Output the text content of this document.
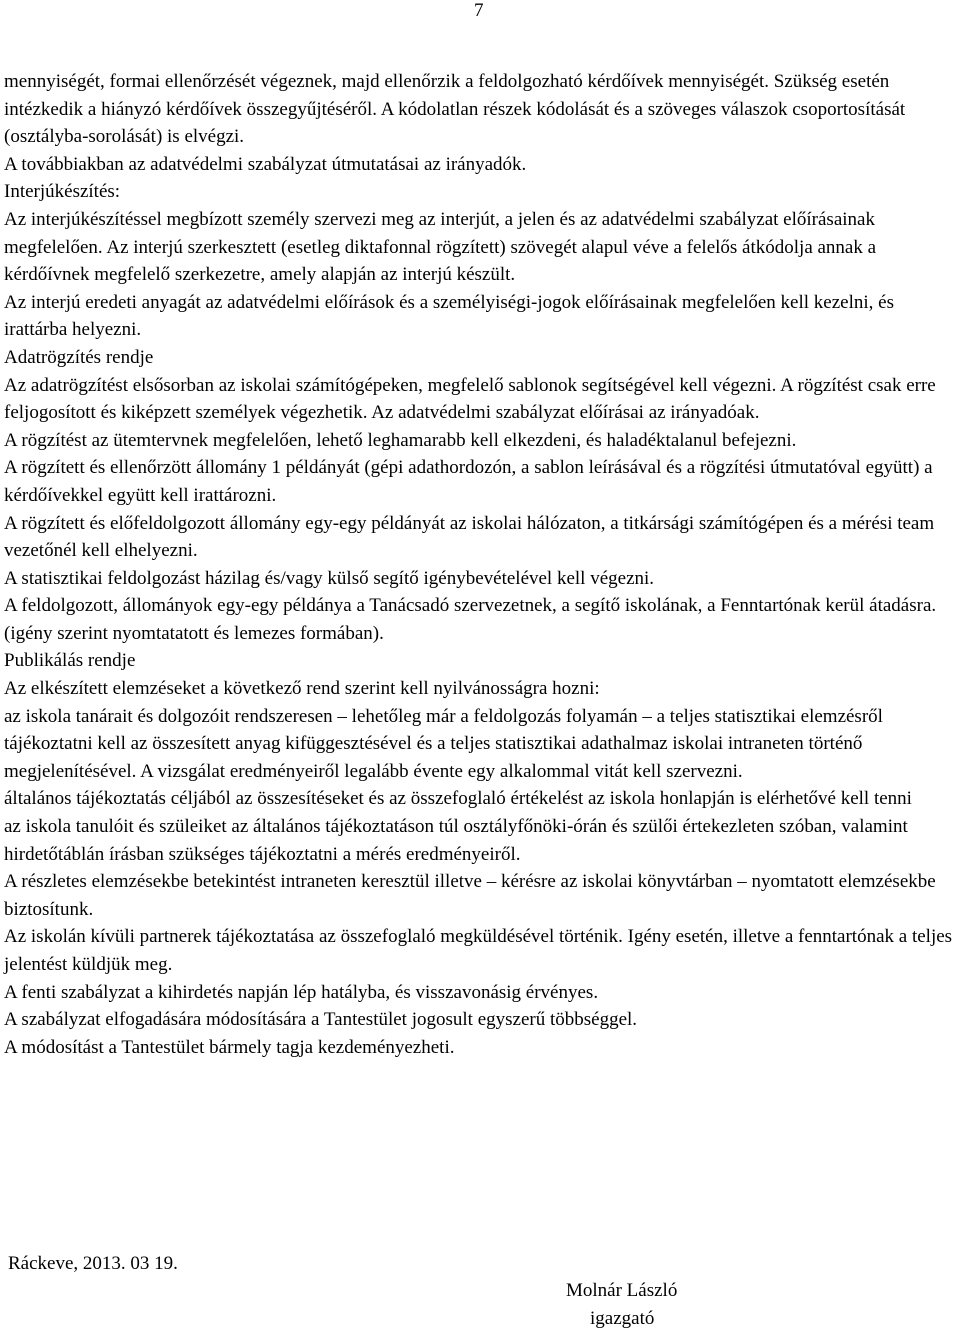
7

mennyiségét, formai ellenőrzését végeznek, majd ellenőrzik a feldolgozható kérdőívek mennyiségét. Szükség esetén intézkedik a hiányzó kérdőívek összegyűjtéséről. A kódolatlan részek kódolását és a szöveges válaszok csoportosítását (osztályba-sorolását) is elvégzi.

A továbbiakban az adatvédelmi szabályzat útmutatásai az irányadók.

Interjúkészítés:

Az interjúkészítéssel megbízott személy szervezi meg az interjút, a jelen és az adatvédelmi szabályzat előírásainak megfelelően. Az interjú szerkesztett (esetleg diktafonnal rögzített) szövegét alapul véve a felelős átkódolja annak a kérdőívnek megfelelő szerkezetre, amely alapján az interjú készült.

Az interjú eredeti anyagát az adatvédelmi előírások és a személyiségi-jogok előírásainak megfelelően kell kezelni, és irattárba helyezni.

Adatrögzítés rendje

Az adatrögzítést elsősorban az iskolai számítógépeken, megfelelő sablonok segítségével kell végezni. A rögzítést csak erre feljogosított és kiképzett személyek végezhetik. Az adatvédelmi szabályzat előírásai az irányadóak.

A rögzítést az ütemtervnek megfelelően, lehető leghamarabb kell elkezdeni, és haladéktalanul befejezni.

A rögzített és ellenőrzött állomány 1 példányát (gépi adathordozón, a sablon leírásával és a rögzítési útmutatóval együtt) a kérdőívekkel együtt kell irattározni.

A rögzített és előfeldolgozott állomány egy-egy példányát az iskolai hálózaton, a titkársági számítógépen és a mérési team vezetőnél kell elhelyezni.

A statisztikai feldolgozást házilag és/vagy külső segítő igénybevételével kell végezni.

A feldolgozott, állományok egy-egy példánya a Tanácsadó szervezetnek, a segítő iskolának, a Fenntartónak kerül átadásra. (igény szerint nyomtatatott és lemezes formában).

Publikálás rendje

Az elkészített elemzéseket a következő rend szerint kell nyilvánosságra hozni:

az iskola tanárait és dolgozóit rendszeresen – lehetőleg már a feldolgozás folyamán – a teljes statisztikai elemzésről tájékoztatni kell az összesített anyag kifüggesztésével és a teljes statisztikai adathalmaz iskolai intraneten történő megjelenítésével. A vizsgálat eredményeiről legalább évente egy alkalommal vitát kell szervezni.

általános tájékoztatás céljából az összesítéseket és az összefoglaló értékelést az iskola honlapján is elérhetővé kell tenni

az iskola tanulóit és szüleiket az általános tájékoztatáson túl osztályfőnöki-órán és szülői értekezleten szóban, valamint hirdetőtáblán írásban szükséges tájékoztatni a mérés eredményeiről.

A részletes elemzésekbe betekintést intraneten keresztül illetve – kérésre az iskolai könyvtárban – nyomtatott elemzésekbe biztosítunk.

Az iskolán kívüli partnerek tájékoztatása az összefoglaló megküldésével történik. Igény esetén, illetve a fenntartónak a teljes jelentést küldjük meg.

A fenti szabályzat a kihirdetés napján lép hatályba, és visszavonásig érvényes.

A szabályzat elfogadására módosítására a Tantestület jogosult egyszerű többséggel.

A módosítást a Tantestület bármely tagja kezdeményezheti.

Ráckeve, 2013. 03 19.
Molnár László
igazgató
